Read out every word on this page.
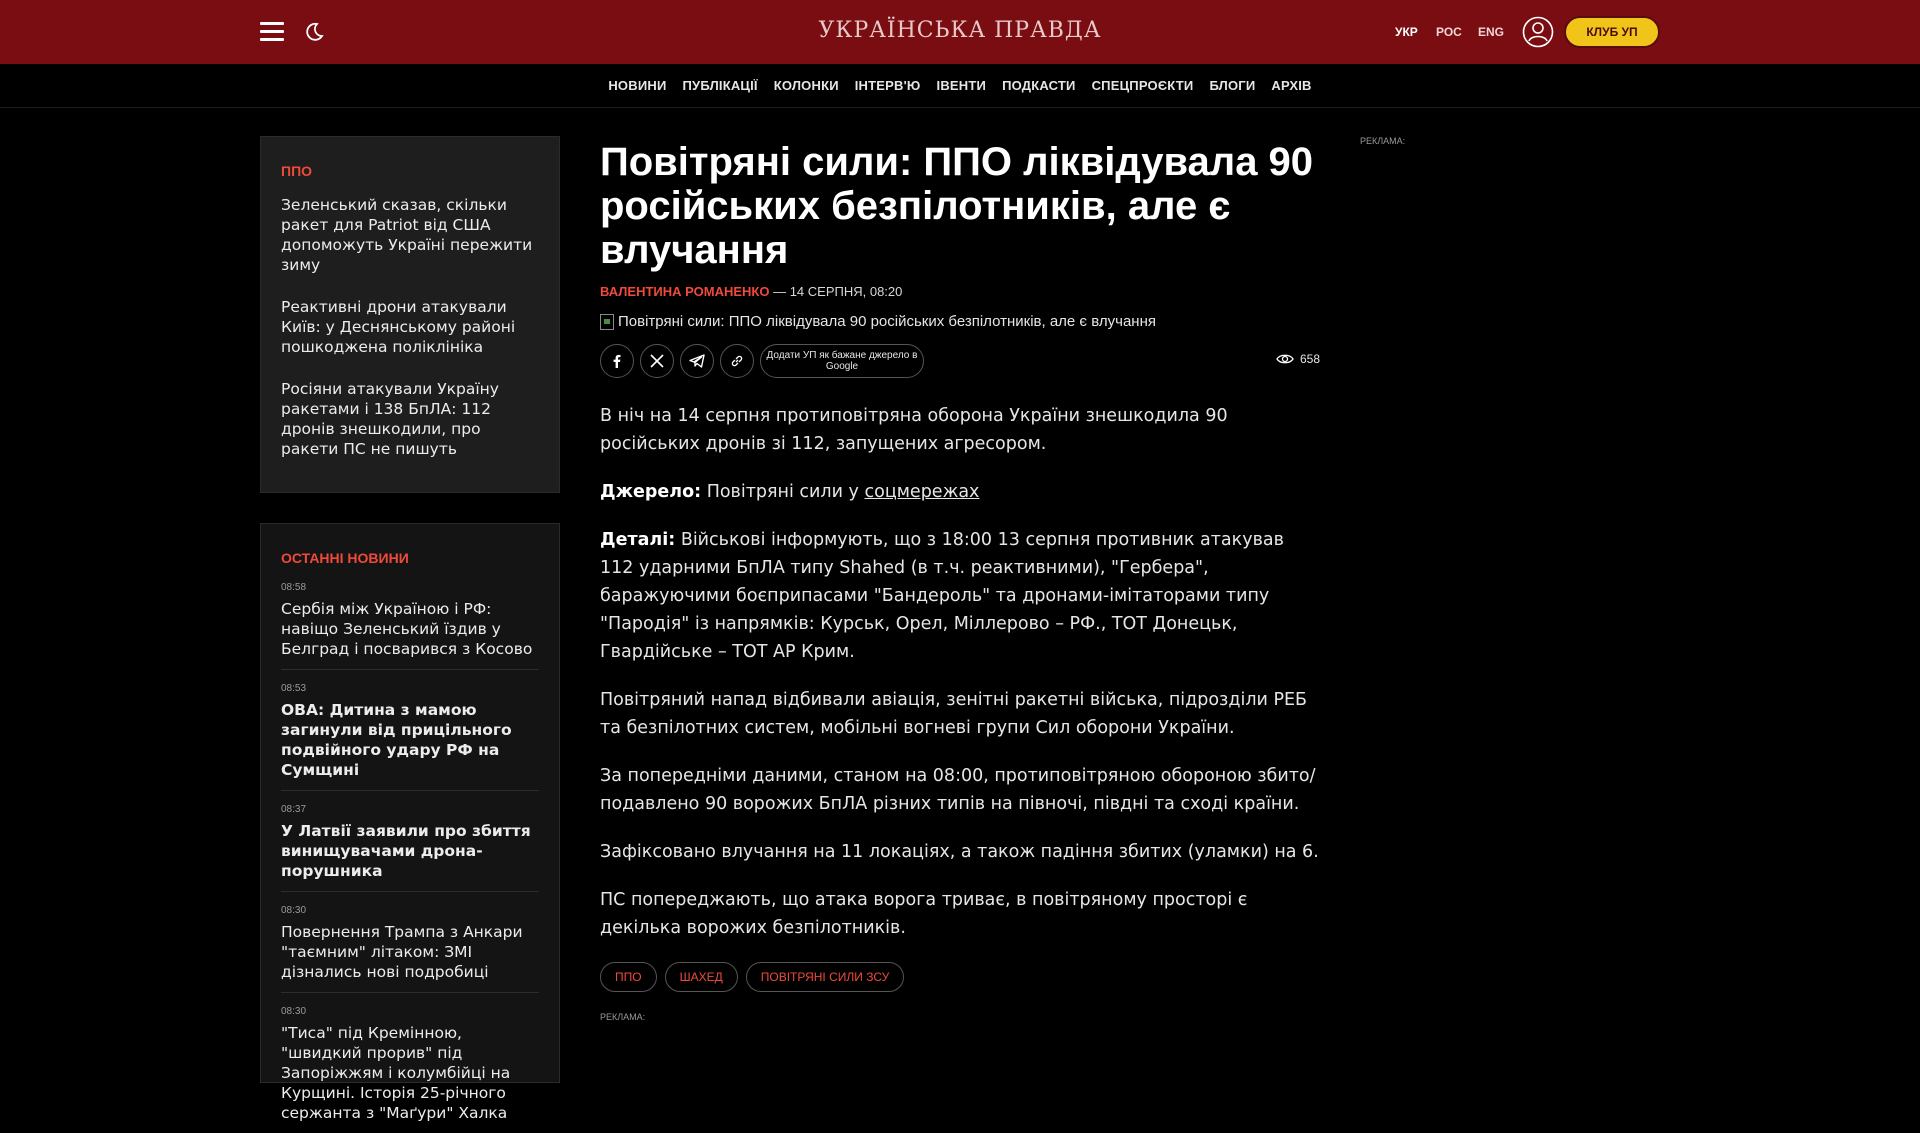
УКРАЇНСЬКА ПРАВДА	УКР РОС ENG	КЛУБ УП
НОВИНИ ПУБЛІКАЦІЇ КОЛОНКИ ІНТЕРВ'Ю ІВЕНТИ ПОДКАСТИ СПЕЦПРОЄКТИ БЛОГИ АРХІВ
ППО
Зеленський сказав, скільки ракет для Patriot від США допоможуть Україні пережити зиму
Реактивні дрони атакували Київ: у Деснянському районі пошкоджена поліклініка
Росіяни атакували Україну ракетами і 138 БпЛА: 112 дронів знешкодили, про ракети ПС не пишуть
ОСТАННІ НОВИНИ
08:58
Сербія між Україною і РФ: навіщо Зеленський їздив у Белград і посварився з Косово
08:53
ОВА: Дитина з мамою загинули від прицільного подвійного удару РФ на Сумщині
08:37
У Латвії заявили про збиття винищувачами дрона-порушника
08:30
Повернення Трампа з Анкари "таємним" літаком: ЗМІ дізнались нові подробиці
08:30
"Тиса" під Кремінною, "швидкий прорив" під Запоріжжям і колумбійці на Курщині. Історія 25-річного сержанта з "Маґури" Халка
Повітряні сили: ППО ліквідувала 90 російських безпілотників, але є влучання
ВАЛЕНТИНА РОМАНЕНКО — 14 СЕРПНЯ, 08:20
Повітряні сили: ППО ліквідувала 90 російських безпілотників, але є влучання
Додати УП як бажане джерело в Google
658

В ніч на 14 серпня протиповітряна оборона України знешкодила 90 російських дронів зі 112, запущених агресором.

Джерело: Повітряні сили у соцмережах

Деталі: Військові інформують, що з 18:00 13 серпня противник атакував 112 ударними БпЛА типу Shahed (в т.ч. реактивними), "Гербера", баражуючими боєприпасами "Бандероль" та дронами-імітаторами типу "Пародія" із напрямків: Курськ, Орел, Міллерово – РФ., ТОТ Донецьк, Гвардійське – ТОТ АР Крим.

Повітряний напад відбивали авіація, зенітні ракетні війська, підрозділи РЕБ та безпілотних систем, мобільні вогневі групи Сил оборони України.

За попередніми даними, станом на 08:00, протиповітряною обороною збито/подавлено 90 ворожих БпЛА різних типів на півночі, півдні та сході країни.

Зафіксовано влучання на 11 локаціях, а також падіння збитих (уламки) на 6.

ПС попереджають, що атака ворога триває, в повітряному просторі є декілька ворожих безпілотників.

ППО	ШАХЕД	ПОВІТРЯНІ СИЛИ ЗСУ
РЕКЛАМА:
РЕКЛАМА:
